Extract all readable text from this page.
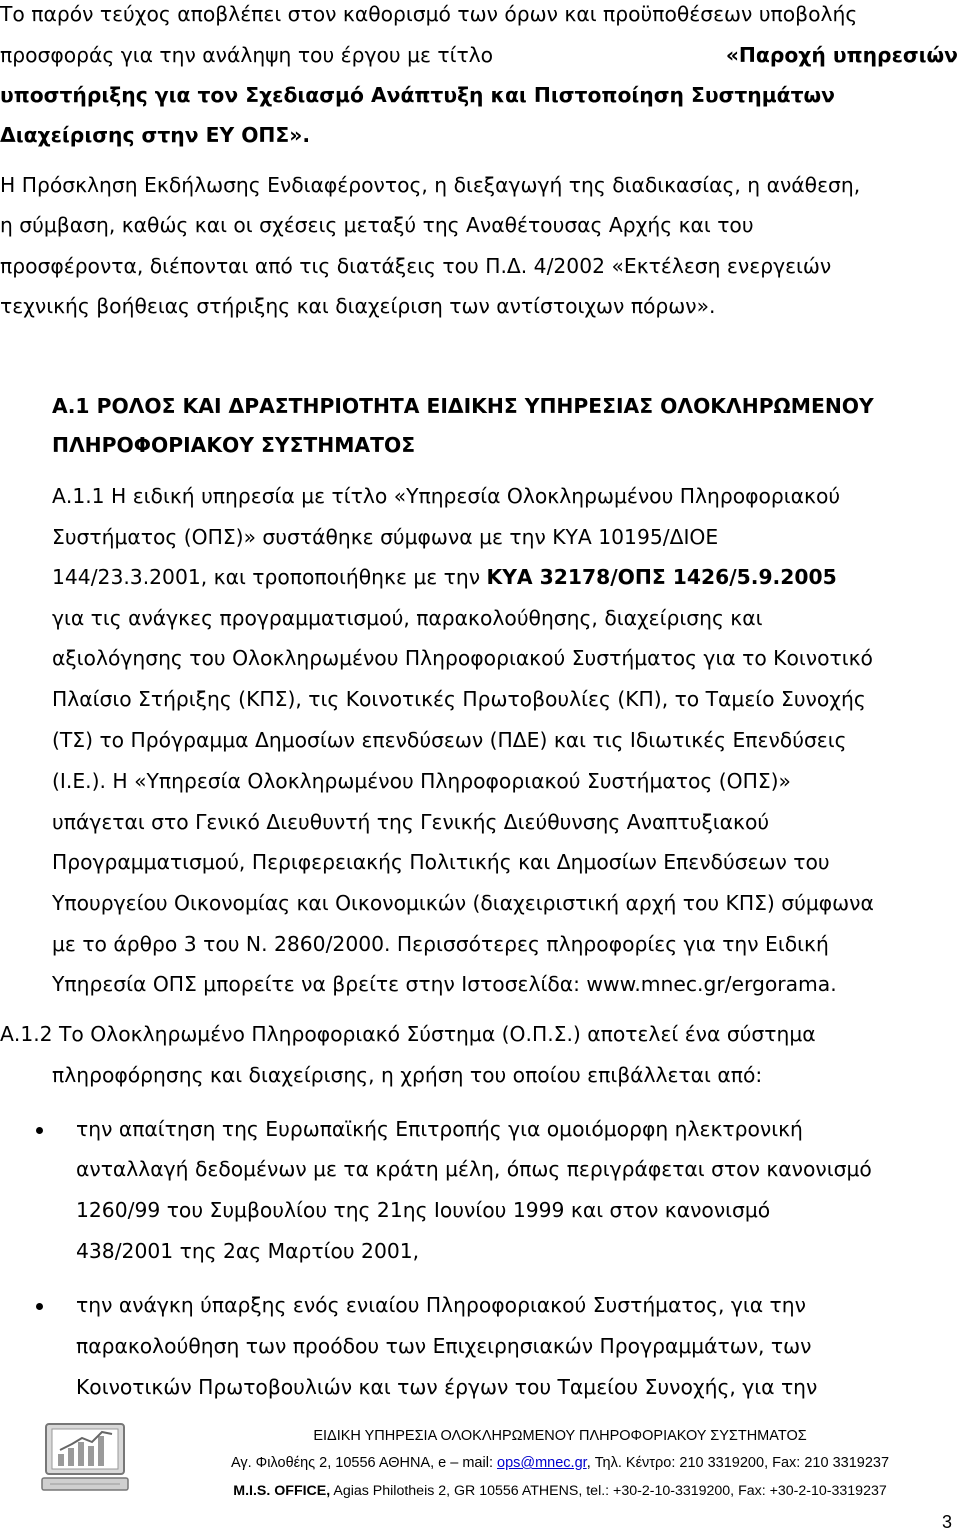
Το παρόν τεύχος αποβλέπει στον καθορισμό των όρων και προϋποθέσεων υποβολής
προσφοράς για την ανάληψη του έργου με τίτλο	«Παροχή υπηρεσιών
υποστήριξης για τον Σχεδιασμό Ανάπτυξη και Πιστοποίηση Συστημάτων
Διαχείρισης στην ΕΥ ΟΠΣ».
Η Πρόσκληση Εκδήλωσης Ενδιαφέροντος, η διεξαγωγή της διαδικασίας, η ανάθεση,
η σύμβαση, καθώς και οι σχέσεις μεταξύ της Αναθέτουσας Αρχής και του
προσφέροντα, διέπονται από τις διατάξεις του Π.Δ. 4/2002 «Εκτέλεση ενεργειών
τεχνικής βοήθειας στήριξης και διαχείριση των αντίστοιχων πόρων».
Α.1 ΡΟΛΟΣ ΚΑΙ ΔΡΑΣΤΗΡΙΟΤΗΤΑ ΕΙΔΙΚΗΣ ΥΠΗΡΕΣΙΑΣ ΟΛΟΚΛΗΡΩΜΕΝΟΥ
ΠΛΗΡΟΦΟΡΙΑΚΟΥ ΣΥΣΤΗΜΑΤΟΣ
Α.1.1 Η ειδική υπηρεσία με τίτλο «Υπηρεσία Ολοκληρωμένου Πληροφοριακού
Συστήματος (ΟΠΣ)» συστάθηκε σύμφωνα με την ΚΥΑ 10195/ΔΙΟΕ
144/23.3.2001, και τροποποιήθηκε με την ΚΥΑ 32178/ΟΠΣ 1426/5.9.2005
για τις ανάγκες προγραμματισμού, παρακολούθησης, διαχείρισης και
αξιολόγησης του Ολοκληρωμένου Πληροφοριακού Συστήματος για το Κοινοτικό
Πλαίσιο Στήριξης (ΚΠΣ), τις Κοινοτικές Πρωτοβουλίες (ΚΠ), το Ταμείο Συνοχής
(ΤΣ) το Πρόγραμμα Δημοσίων επενδύσεων (ΠΔΕ) και τις Ιδιωτικές Επενδύσεις
(Ι.Ε.). Η «Υπηρεσία Ολοκληρωμένου Πληροφοριακού Συστήματος (ΟΠΣ)»
υπάγεται στο Γενικό Διευθυντή της Γενικής Διεύθυνσης Αναπτυξιακού
Προγραμματισμού, Περιφερειακής Πολιτικής και Δημοσίων Επενδύσεων του
Υπουργείου Οικονομίας και Οικονομικών (διαχειριστική αρχή του ΚΠΣ) σύμφωνα
με το άρθρο 3 του Ν. 2860/2000. Περισσότερες πληροφορίες για την Ειδική
Υπηρεσία ΟΠΣ μπορείτε να βρείτε στην Ιστοσελίδα: www.mnec.gr/ergorama.
Α.1.2 Το Ολοκληρωμένο Πληροφοριακό Σύστημα (Ο.Π.Σ.) αποτελεί ένα σύστημα
πληροφόρησης και διαχείρισης, η χρήση του οποίου επιβάλλεται από:
την απαίτηση της Ευρωπαϊκής Επιτροπής για ομοιόμορφη ηλεκτρονική
ανταλλαγή δεδομένων με τα κράτη μέλη, όπως περιγράφεται στον κανονισμό
1260/99 του Συμβουλίου της 21ης Ιουνίου 1999 και στον κανονισμό
438/2001 της 2ας Μαρτίου 2001,
την ανάγκη ύπαρξης ενός ενιαίου Πληροφοριακού Συστήματος, για την
παρακολούθηση των προόδου των Επιχειρησιακών Προγραμμάτων, των
Κοινοτικών Πρωτοβουλιών και των έργων του Ταμείου Συνοχής, για την
ΕΙΔΙΚΗ ΥΠΗΡΕΣΙΑ ΟΛΟΚΛΗΡΩΜΕΝΟΥ ΠΛΗΡΟΦΟΡΙΑΚΟΥ ΣΥΣΤΗΜΑΤΟΣ
Αγ. Φιλοθέης 2, 10556 ΑΘΗΝΑ, e – mail: ops@mnec.gr, Τηλ. Κέντρο: 210 3319200, Fax: 210 3319237
M.I.S. OFFICE, Agias Philotheis 2, GR 10556 ATHENS, tel.: +30-2-10-3319200, Fax: +30-2-10-3319237
3
